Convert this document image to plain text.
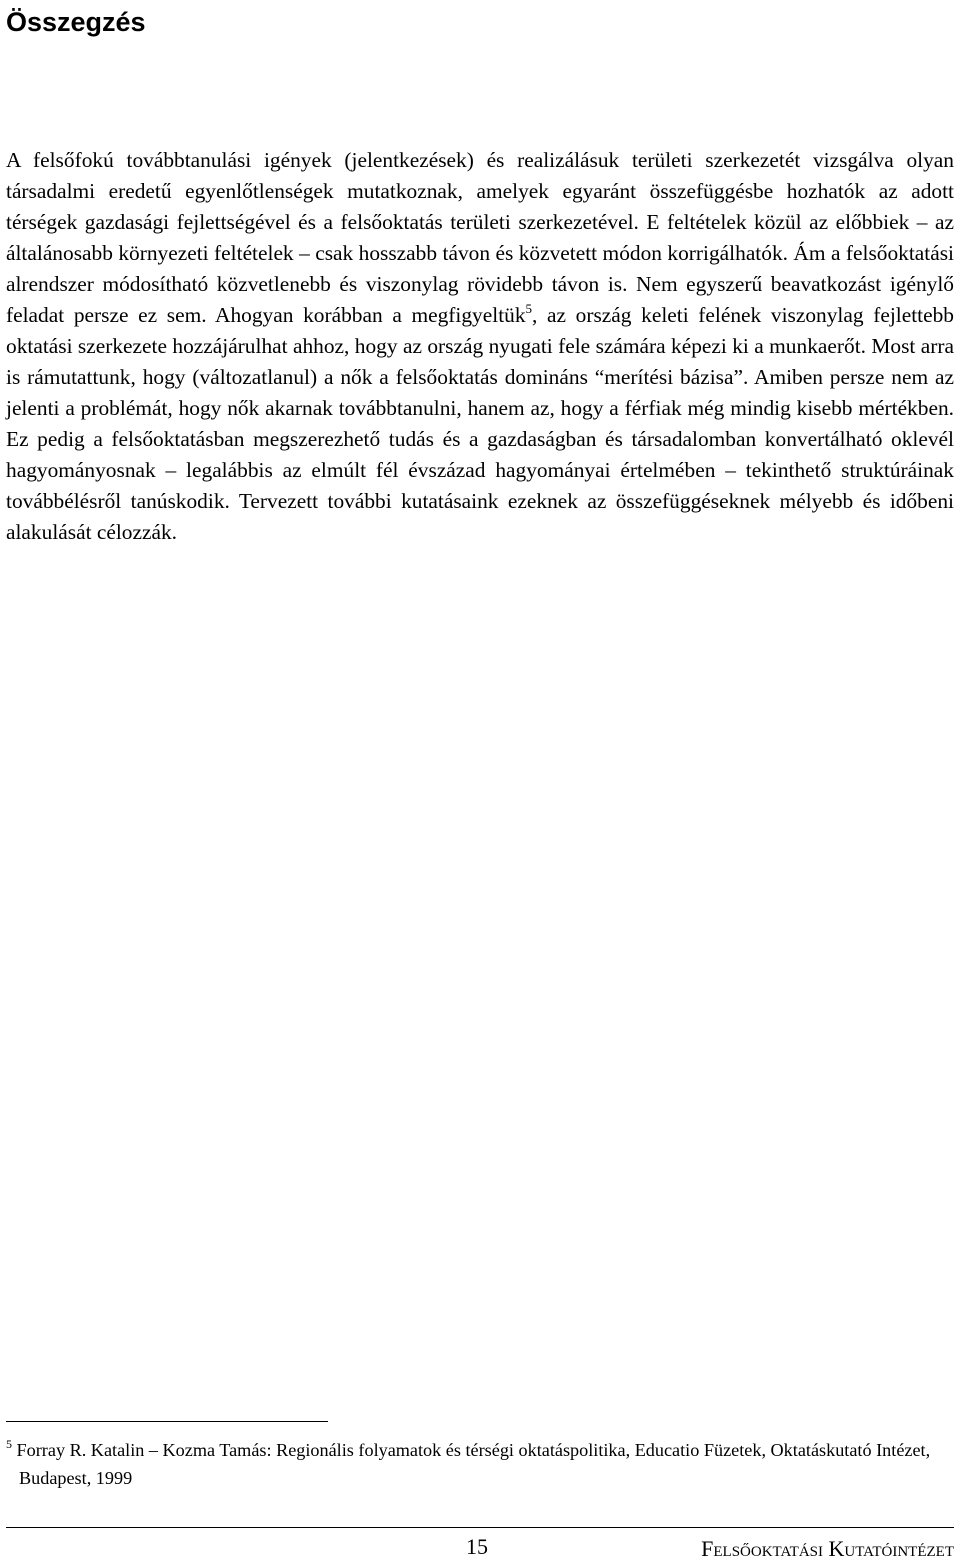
Összegzés

A felsőfokú továbbtanulási igények (jelentkezések) és realizálásuk területi szerkezetét vizsgálva olyan társadalmi eredetű egyenlőtlenségek mutatkoznak, amelyek egyaránt összefüggésbe hozhatók az adott térségek gazdasági fejlettségével és a felsőoktatás területi szerkezetével. E feltételek közül az előbbiek – az általánosabb környezeti feltételek – csak hosszabb távon és közvetett módon korrigálhatók. Ám a felsőoktatási alrendszer módosítható közvetlenebb és viszonylag rövidebb távon is. Nem egyszerű beavatkozást igénylő feladat persze ez sem. Ahogyan korábban a megfigyeltük$^5$, az ország keleti felének viszonylag fejlettebb oktatási szerkezete hozzájárulhat ahhoz, hogy az ország nyugati fele számára képezi ki a munkaerőt. Most arra is rámutattunk, hogy (változatlanul) a nők a felsőoktatás domináns “merítési bázisa”. Amiben persze nem az jelenti a problémát, hogy nők akarnak továbbtanulni, hanem az, hogy a férfiak még mindig kisebb mértékben. Ez pedig a felsőoktatásban megszerezhető tudás és a gazdaságban és társadalomban konvertálható oklevél hagyományosnak – legalábbis az elmúlt fél évszázad hagyományai értelmében – tekinthető struktúráinak továbbélésről tanúskodik. Tervezett további kutatásaink ezeknek az összefüggéseknek mélyebb és időbeni alakulását célozzák.

$^5$ Forray R. Katalin – Kozma Tamás: Regionális folyamatok és térségi oktatáspolitika, Educatio Füzetek, Oktatáskutató Intézet, Budapest, 1999

15	Felsőoktatási Kutatóintézet
